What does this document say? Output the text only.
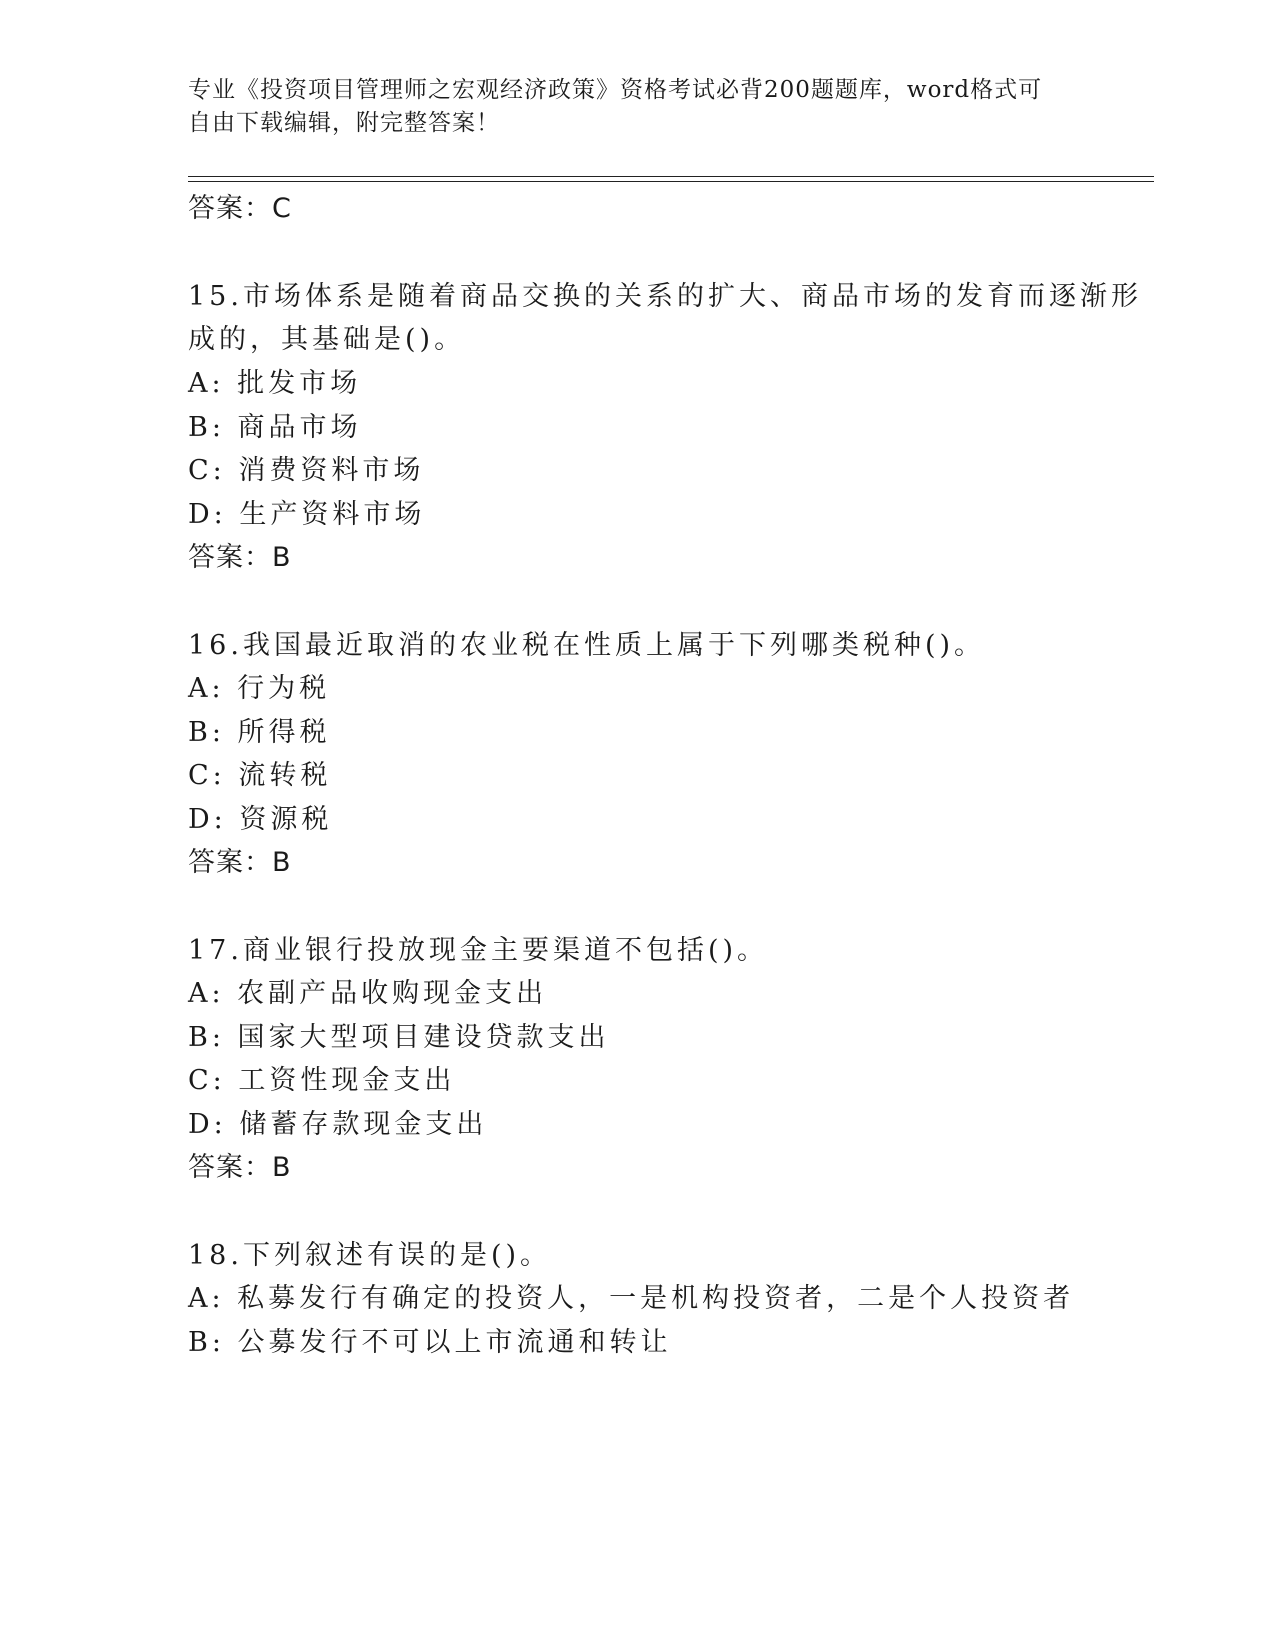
专业《投资项目管理师之宏观经济政策》资格考试必背200题题库，word格式可
自由下载编辑，附完整答案！
答案：C
15.市场体系是随着商品交换的关系的扩大、商品市场的发育而逐渐形
成的，其基础是()。
A: 批发市场
B: 商品市场
C: 消费资料市场
D: 生产资料市场
答案：B
16.我国最近取消的农业税在性质上属于下列哪类税种()。
A: 行为税
B: 所得税
C: 流转税
D: 资源税
答案：B
17.商业银行投放现金主要渠道不包括()。
A: 农副产品收购现金支出
B: 国家大型项目建设贷款支出
C: 工资性现金支出
D: 储蓄存款现金支出
答案：B
18.下列叙述有误的是()。
A: 私募发行有确定的投资人，一是机构投资者，二是个人投资者
B: 公募发行不可以上市流通和转让
